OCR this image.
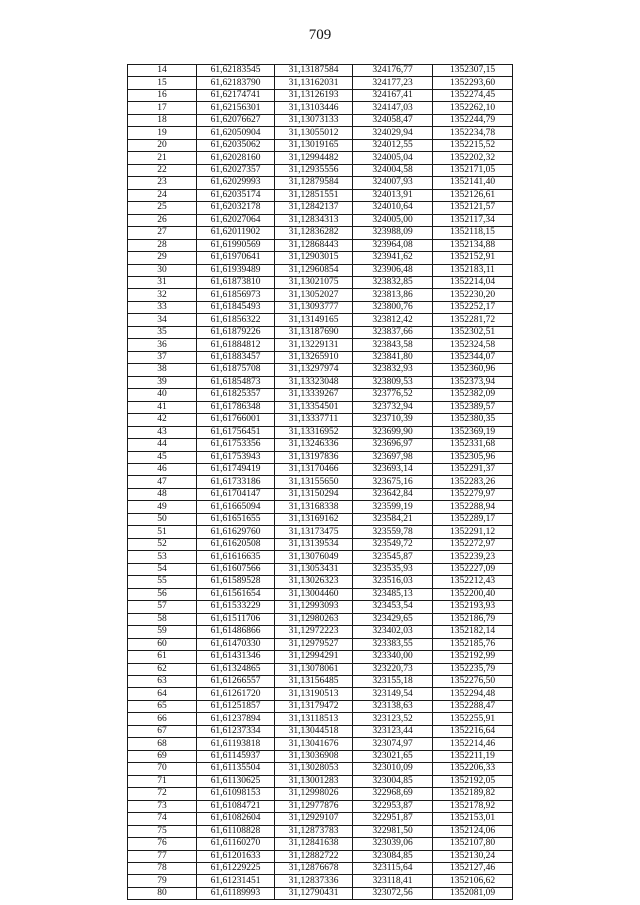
709
14	61,62183545	31,13187584	324176,77	1352307,15
15	61,62183790	31,13162031	324177,23	1352293,60
16	61,62174741	31,13126193	324167,41	1352274,45
17	61,62156301	31,13103446	324147,03	1352262,10
18	61,62076627	31,13073133	324058,47	1352244,79
19	61,62050904	31,13055012	324029,94	1352234,78
20	61,62035062	31,13019165	324012,55	1352215,52
21	61,62028160	31,12994482	324005,04	1352202,32
22	61,62027357	31,12935556	324004,58	1352171,05
23	61,62029993	31,12879584	324007,93	1352141,40
24	61,62035174	31,12851551	324013,91	1352126,61
25	61,62032178	31,12842137	324010,64	1352121,57
26	61,62027064	31,12834313	324005,00	1352117,34
27	61,62011902	31,12836282	323988,09	1352118,15
28	61,61990569	31,12868443	323964,08	1352134,88
29	61,61970641	31,12903015	323941,62	1352152,91
30	61,61939489	31,12960854	323906,48	1352183,11
31	61,61873810	31,13021075	323832,85	1352214,04
32	61,61856973	31,13052027	323813,86	1352230,20
33	61,61845493	31,13093777	323800,76	1352252,17
34	61,61856322	31,13149165	323812,42	1352281,72
35	61,61879226	31,13187690	323837,66	1352302,51
36	61,61884812	31,13229131	323843,58	1352324,58
37	61,61883457	31,13265910	323841,80	1352344,07
38	61,61875708	31,13297974	323832,93	1352360,96
39	61,61854873	31,13323048	323809,53	1352373,94
40	61,61825357	31,13339267	323776,52	1352382,09
41	61,61786348	31,13354501	323732,94	1352389,57
42	61,61766001	31,13337711	323710,39	1352380,35
43	61,61756451	31,13316952	323699,90	1352369,19
44	61,61753356	31,13246336	323696,97	1352331,68
45	61,61753943	31,13197836	323697,98	1352305,96
46	61,61749419	31,13170466	323693,14	1352291,37
47	61,61733186	31,13155650	323675,16	1352283,26
48	61,61704147	31,13150294	323642,84	1352279,97
49	61,61665094	31,13168338	323599,19	1352288,94
50	61,61651655	31,13169162	323584,21	1352289,17
51	61,61629760	31,13173475	323559,78	1352291,12
52	61,61620508	31,13139534	323549,72	1352272,97
53	61,61616635	31,13076049	323545,87	1352239,23
54	61,61607566	31,13053431	323535,93	1352227,09
55	61,61589528	31,13026323	323516,03	1352212,43
56	61,61561654	31,13004460	323485,13	1352200,40
57	61,61533229	31,12993093	323453,54	1352193,93
58	61,61511706	31,12980263	323429,65	1352186,79
59	61,61486866	31,12972223	323402,03	1352182,14
60	61,61470330	31,12979527	323383,55	1352185,76
61	61,61431346	31,12994291	323340,00	1352192,99
62	61,61324865	31,13078061	323220,73	1352235,79
63	61,61266557	31,13156485	323155,18	1352276,50
64	61,61261720	31,13190513	323149,54	1352294,48
65	61,61251857	31,13179472	323138,63	1352288,47
66	61,61237894	31,13118513	323123,52	1352255,91
67	61,61237334	31,13044518	323123,44	1352216,64
68	61,61193818	31,13041676	323074,97	1352214,46
69	61,61145937	31,13036908	323021,65	1352211,19
70	61,61135504	31,13028053	323010,09	1352206,33
71	61,61130625	31,13001283	323004,85	1352192,05
72	61,61098153	31,12998026	322968,69	1352189,82
73	61,61084721	31,12977876	322953,87	1352178,92
74	61,61082604	31,12929107	322951,87	1352153,01
75	61,61108828	31,12873783	322981,50	1352124,06
76	61,61160270	31,12841638	323039,06	1352107,80
77	61,61201633	31,12882722	323084,85	1352130,24
78	61,61229225	31,12876678	323115,64	1352127,46
79	61,61231451	31,12837336	323118,41	1352106,62
80	61,61189993	31,12790431	323072,56	1352081,09
